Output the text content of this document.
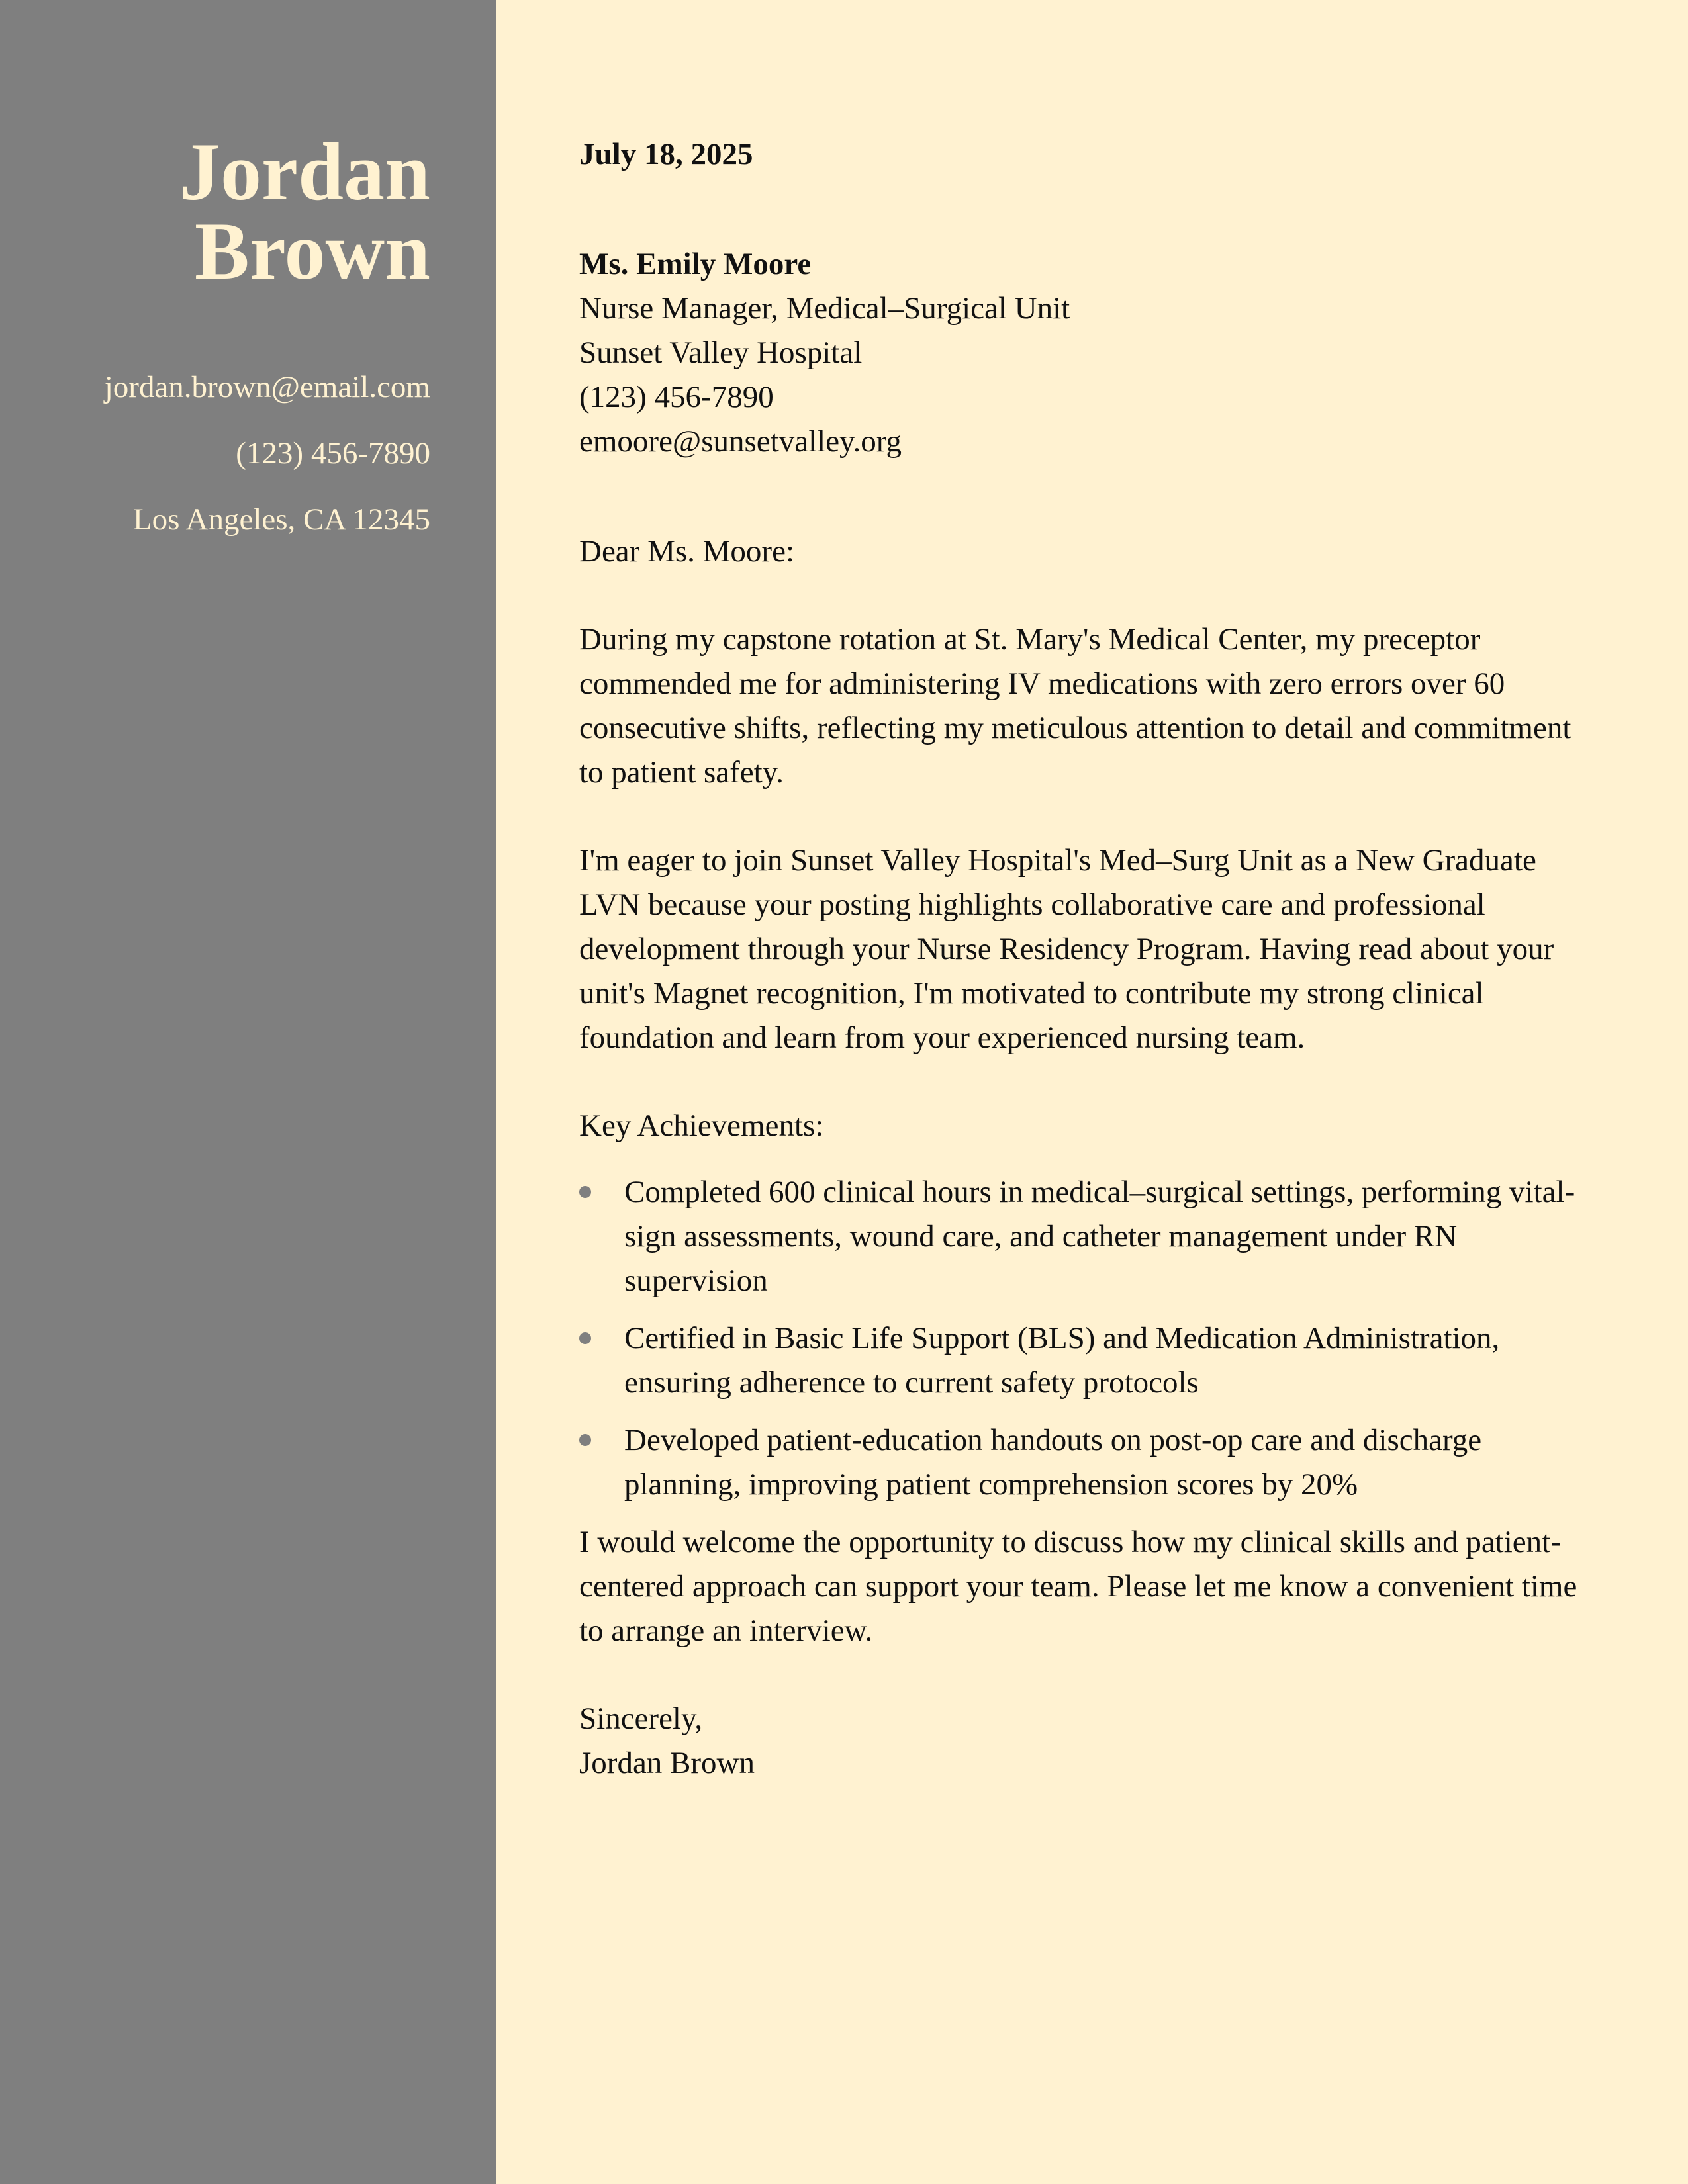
Jordan
Brown
jordan.brown@email.com
(123) 456-7890
Los Angeles, CA 12345
July 18, 2025
Ms. Emily Moore
Nurse Manager, Medical–Surgical Unit
Sunset Valley Hospital
(123) 456-7890
emoore@sunsetvalley.org
Dear Ms. Moore:

During my capstone rotation at St. Mary's Medical Center, my preceptor commended me for administering IV medications with zero errors over 60 consecutive shifts, reflecting my meticulous attention to detail and commitment to patient safety.

I'm eager to join Sunset Valley Hospital's Med–Surg Unit as a New Graduate LVN because your posting highlights collaborative care and professional development through your Nurse Residency Program. Having read about your unit's Magnet recognition, I'm motivated to contribute my strong clinical foundation and learn from your experienced nursing team.

Key Achievements:
Completed 600 clinical hours in medical–surgical settings, performing vital-sign assessments, wound care, and catheter management under RN supervision
Certified in Basic Life Support (BLS) and Medication Administration, ensuring adherence to current safety protocols
Developed patient-education handouts on post-op care and discharge planning, improving patient comprehension scores by 20%
I would welcome the opportunity to discuss how my clinical skills and patient-centered approach can support your team. Please let me know a convenient time to arrange an interview.
Sincerely,
Jordan Brown
